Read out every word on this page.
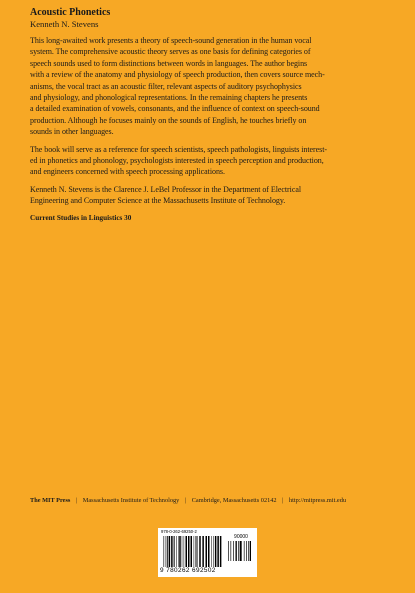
Acoustic Phonetics

Kenneth N. Stevens

This long-awaited work presents a theory of speech-sound generation in the human vocal
system. The comprehensive acoustic theory serves as one basis for defining categories of
speech sounds used to form distinctions between words in languages. The author begins
with a review of the anatomy and physiology of speech production, then covers source mech-
anisms, the vocal tract as an acoustic filter, relevant aspects of auditory psychophysics
and physiology, and phonological representations. In the remaining chapters he presents
a detailed examination of vowels, consonants, and the influence of context on speech-sound
production. Although he focuses mainly on the sounds of English, he touches briefly on
sounds in other languages.

The book will serve as a reference for speech scientists, speech pathologists, linguists interest-
ed in phonetics and phonology, psychologists interested in speech perception and production,
and engineers concerned with speech processing applications.

Kenneth N. Stevens is the Clarence J. LeBel Professor in the Department of Electrical
Engineering and Computer Science at the Massachusetts Institute of Technology.

Current Studies in Linguistics 30

The MIT Press | Massachusetts Institute of Technology | Cambridge, Massachusetts 02142 | http://mitpress.mit.edu
978-0-262-69250-2
90000
9 780262 692502
